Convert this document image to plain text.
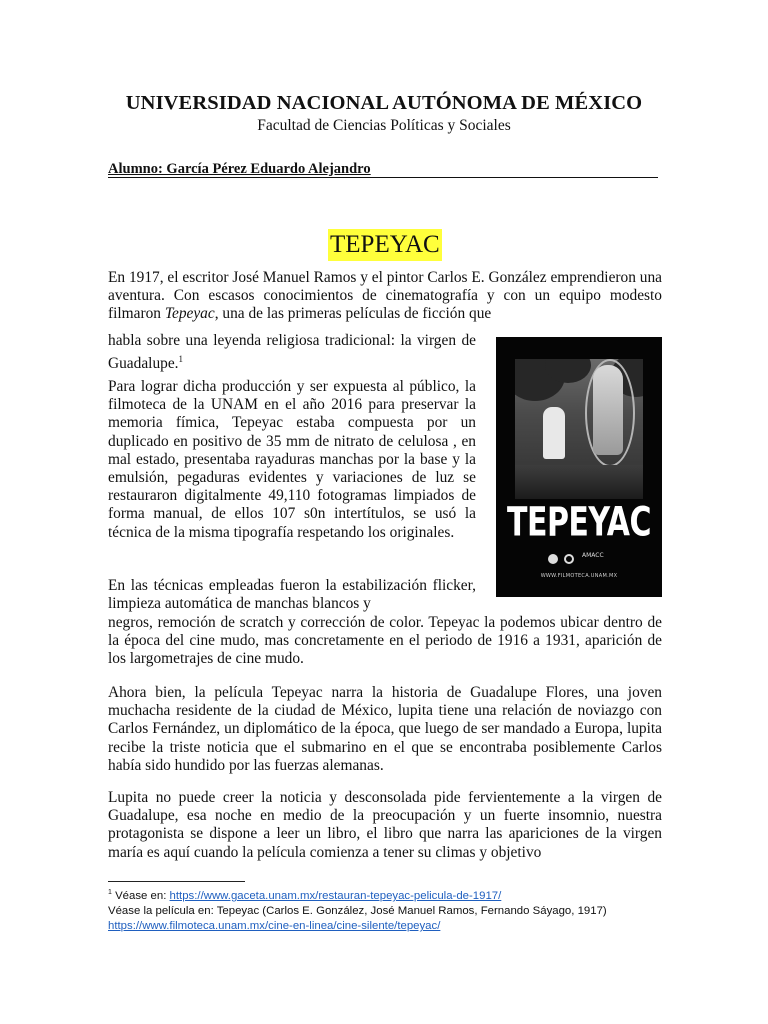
UNIVERSIDAD NACIONAL AUTÓNOMA DE MÉXICO
Facultad de Ciencias Políticas y Sociales
Alumno: García Pérez Eduardo Alejandro
TEPEYAC

En 1917, el escritor José Manuel Ramos y el pintor Carlos E. González emprendieron una aventura. Con escasos conocimientos de cinematografía y con un equipo modesto filmaron Tepeyac, una de las primeras películas de ficción que

habla sobre una leyenda religiosa tradicional: la virgen de Guadalupe.$^1$

Para lograr dicha producción y ser expuesta al público, la filmoteca de la UNAM en el año 2016 para preservar la memoria fímica, Tepeyac estaba compuesta por un duplicado en positivo de 35 mm de nitrato de celulosa , en mal estado, presentaba rayaduras manchas por la base y la emulsión, pegaduras evidentes y variaciones de luz se restauraron digitalmente 49,110 fotogramas limpiados de forma manual, de ellos 107 s0n intertítulos, se usó la técnica de la misma tipografía respetando los originales.

En las técnicas empleadas fueron la estabilización flicker, limpieza automática de manchas blancos y

negros, remoción de scratch y corrección de color. Tepeyac la podemos ubicar dentro de la época del cine mudo, mas concretamente en el periodo de 1916 a 1931, aparición de los largometrajes de cine mudo.

Ahora bien, la película Tepeyac narra la historia de Guadalupe Flores, una joven muchacha residente de la ciudad de México, lupita tiene una relación de noviazgo con Carlos Fernández, un diplomático de la época, que luego de ser mandado a Europa, lupita recibe la triste noticia que el submarino en el que se encontraba posiblemente Carlos había sido hundido por las fuerzas alemanas.

Lupita no puede creer la noticia y desconsolada pide fervientemente a la virgen de Guadalupe, esa noche en medio de la preocupación y un fuerte insomnio, nuestra protagonista se dispone a leer un libro, el libro que narra las apariciones de la virgen maría es aquí cuando la película comienza a tener su climas y objetivo

TEPEYAC
AMACC
WWW.FILMOTECA.UNAM.MX
$^1$ Véase en: https://www.gaceta.unam.mx/restauran-tepeyac-pelicula-de-1917/
Véase la película en: Tepeyac (Carlos E. González, José Manuel Ramos, Fernando Sáyago, 1917)
https://www.filmoteca.unam.mx/cine-en-linea/cine-silente/tepeyac/
